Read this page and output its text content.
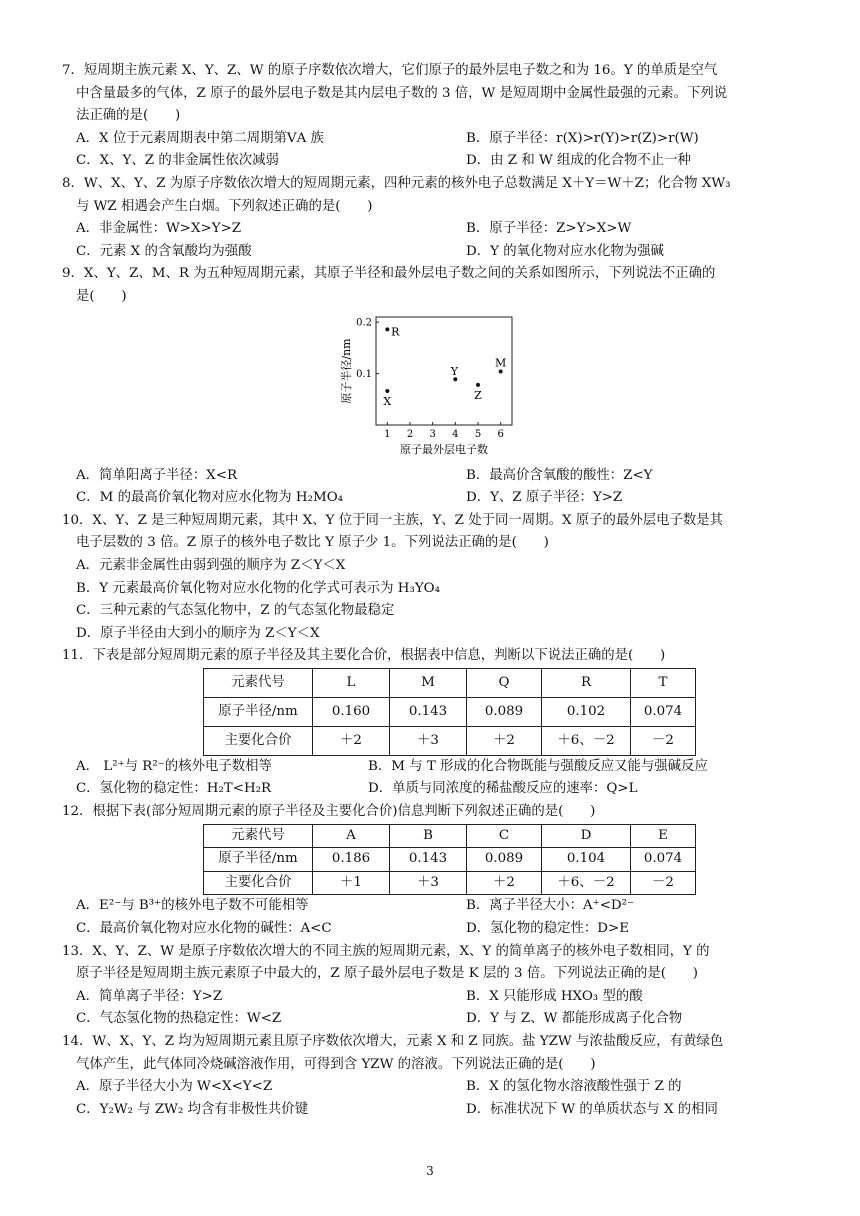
7．短周期主族元素 X、Y、Z、W 的原子序数依次增大，它们原子的最外层电子数之和为 16。Y 的单质是空气
中含量最多的气体，Z 原子的最外层电子数是其内层电子数的 3 倍，W 是短周期中金属性最强的元素。下列说
法正确的是(　　)
A．X 位于元素周期表中第二周期第ⅤA 族	B．原子半径：r(X)>r(Y)>r(Z)>r(W)
C．X、Y、Z 的非金属性依次减弱	D．由 Z 和 W 组成的化合物不止一种
8．W、X、Y、Z 为原子序数依次增大的短周期元素，四种元素的核外电子总数满足 X＋Y＝W＋Z；化合物 XW₃
与 WZ 相遇会产生白烟。下列叙述正确的是(　　)
A．非金属性：W>X>Y>Z	B．原子半径：Z>Y>X>W
C．元素 X 的含氧酸均为强酸	D．Y 的氧化物对应水化物为强碱
9．X、Y、Z、M、R 为五种短周期元素，其原子半径和最外层电子数之间的关系如图所示，下列说法不正确的
是(　　)
原子半径/nm
原子最外层电子数
1 2 3 4 5 6
0.1
0.2
X
R
Y
Z
M
A．简单阳离子半径：X<R	B．最高价含氧酸的酸性：Z<Y
C．M 的最高价氧化物对应水化物为 H₂MO₄	D．Y、Z 原子半径：Y>Z
10．X、Y、Z 是三种短周期元素，其中 X、Y 位于同一主族，Y、Z 处于同一周期。X 原子的最外层电子数是其
电子层数的 3 倍。Z 原子的核外电子数比 Y 原子少 1。下列说法正确的是(　　)
A．元素非金属性由弱到强的顺序为 Z＜Y＜X
B．Y 元素最高价氧化物对应水化物的化学式可表示为 H₃YO₄
C．三种元素的气态氢化物中，Z 的气态氢化物最稳定
D．原子半径由大到小的顺序为 Z＜Y＜X
11．下表是部分短周期元素的原子半径及其主要化合价，根据表中信息，判断以下说法正确的是(　　)
元素代号	L	M	Q	R	T
原子半径/nm	0.160	0.143	0.089	0.102	0.074
主要化合价	＋2	＋3	＋2	＋6、－2	－2
A． L²⁺与 R²⁻的核外电子数相等	B．M 与 T 形成的化合物既能与强酸反应又能与强碱反应
C．氢化物的稳定性：H₂T<H₂R	D．单质与同浓度的稀盐酸反应的速率：Q>L
12．根据下表(部分短周期元素的原子半径及主要化合价)信息判断下列叙述正确的是(　　)
元素代号	A	B	C	D	E
原子半径/nm	0.186	0.143	0.089	0.104	0.074
主要化合价	＋1	＋3	＋2	＋6、－2	－2
A．E²⁻与 B³⁺的核外电子数不可能相等	B．离子半径大小：A⁺<D²⁻
C．最高价氧化物对应水化物的碱性：A<C	D．氢化物的稳定性：D>E
13．X、Y、Z、W 是原子序数依次增大的不同主族的短周期元素，X、Y 的简单离子的核外电子数相同，Y 的
原子半径是短周期主族元素原子中最大的，Z 原子最外层电子数是 K 层的 3 倍。下列说法正确的是(　　)
A．简单离子半径：Y>Z	B．X 只能形成 HXO₃ 型的酸
C．气态氢化物的热稳定性：W<Z	D．Y 与 Z、W 都能形成离子化合物
14．W、X、Y、Z 均为短周期元素且原子序数依次增大，元素 X 和 Z 同族。盐 YZW 与浓盐酸反应，有黄绿色
气体产生，此气体同冷烧碱溶液作用，可得到含 YZW 的溶液。下列说法正确的是(　　)
A．原子半径大小为 W<X<Y<Z	B．X 的氢化物水溶液酸性强于 Z 的
C．Y₂W₂ 与 ZW₂ 均含有非极性共价键	D．标准状况下 W 的单质状态与 X 的相同
3
